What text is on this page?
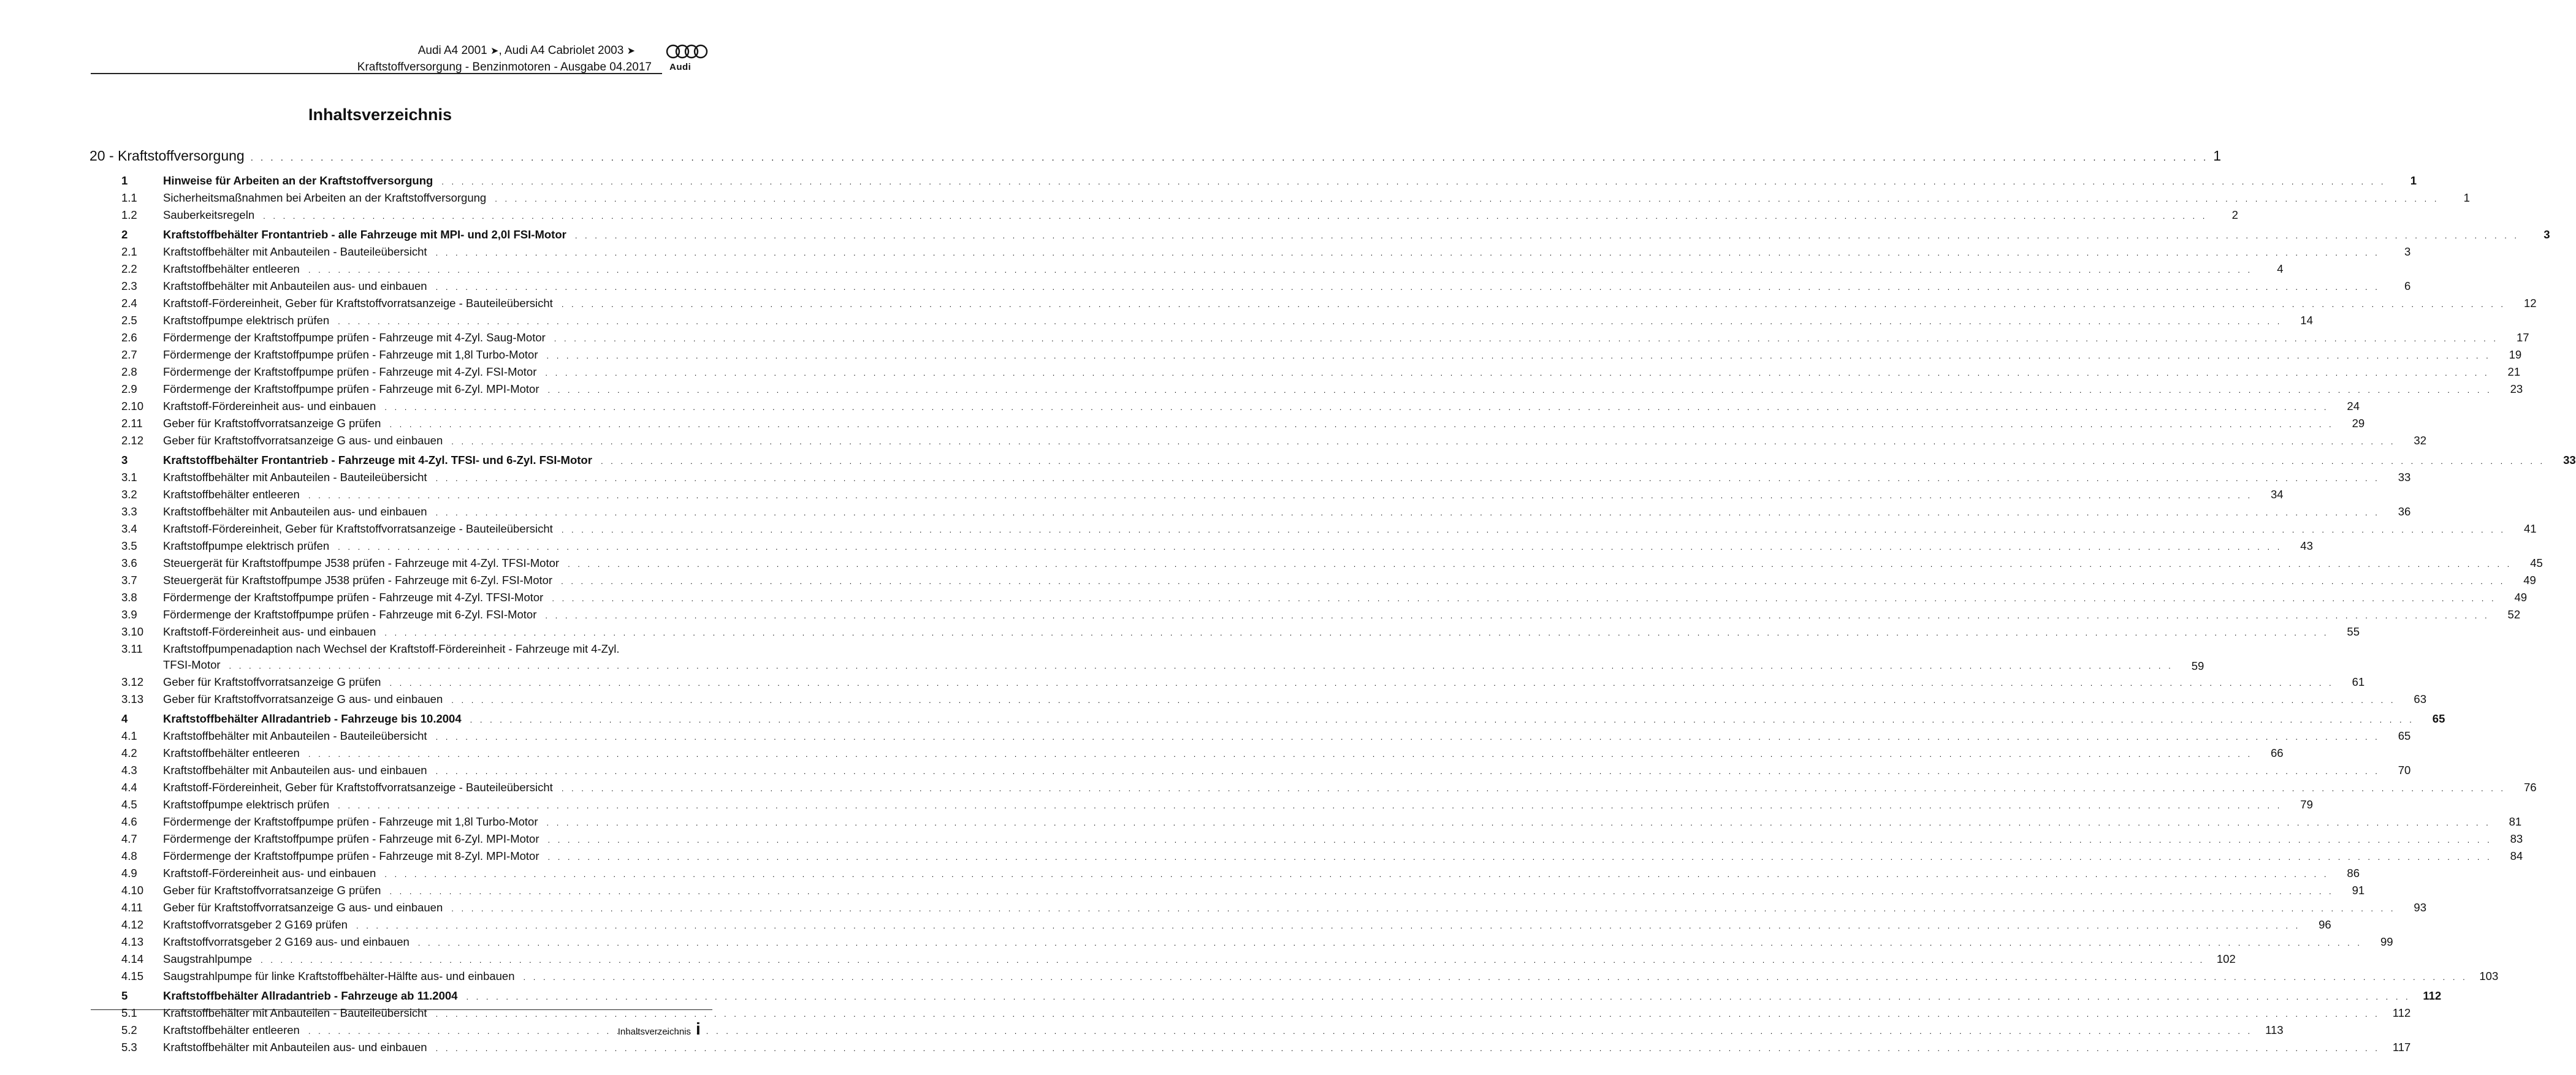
Audi A4 2001 ➤, Audi A4 Cabriolet 2003 ➤
Kraftstoffversorgung - Benzinmotoren - Ausgabe 04.2017 Audi
Inhaltsverzeichnis
20 - Kraftstoffversorgung . . .	1
1	Hinweise für Arbeiten an der Kraftstoffversorgung . . .	1
1.1	Sicherheitsmaßnahmen bei Arbeiten an der Kraftstoffversorgung . . .	1
1.2	Sauberkeitsregeln . . .	2
2	Kraftstoffbehälter Frontantrieb - alle Fahrzeuge mit MPI- und 2,0l FSI-Motor . . .	3
2.1	Kraftstoffbehälter mit Anbauteilen - Bauteileübersicht . . .	3
2.2	Kraftstoffbehälter entleeren . . .	4
2.3	Kraftstoffbehälter mit Anbauteilen aus- und einbauen . . .	6
2.4	Kraftstoff-Fördereinheit, Geber für Kraftstoffvorratsanzeige - Bauteileübersicht . . .	12
2.5	Kraftstoffpumpe elektrisch prüfen . . .	14
2.6	Fördermenge der Kraftstoffpumpe prüfen - Fahrzeuge mit 4-Zyl. Saug-Motor . . .	17
2.7	Fördermenge der Kraftstoffpumpe prüfen - Fahrzeuge mit 1,8l Turbo-Motor . . .	19
2.8	Fördermenge der Kraftstoffpumpe prüfen - Fahrzeuge mit 4-Zyl. FSI-Motor . . .	21
2.9	Fördermenge der Kraftstoffpumpe prüfen - Fahrzeuge mit 6-Zyl. MPI-Motor . . .	23
2.10	Kraftstoff-Fördereinheit aus- und einbauen . . .	24
2.11	Geber für Kraftstoffvorratsanzeige G prüfen . . .	29
2.12	Geber für Kraftstoffvorratsanzeige G aus- und einbauen . . .	32
3	Kraftstoffbehälter Frontantrieb - Fahrzeuge mit 4-Zyl. TFSI- und 6-Zyl. FSI-Motor . . .	33
3.1	Kraftstoffbehälter mit Anbauteilen - Bauteileübersicht . . .	33
3.2	Kraftstoffbehälter entleeren . . .	34
3.3	Kraftstoffbehälter mit Anbauteilen aus- und einbauen . . .	36
3.4	Kraftstoff-Fördereinheit, Geber für Kraftstoffvorratsanzeige - Bauteileübersicht . . .	41
3.5	Kraftstoffpumpe elektrisch prüfen . . .	43
3.6	Steuergerät für Kraftstoffpumpe J538 prüfen - Fahrzeuge mit 4-Zyl. TFSI-Motor . . .	45
3.7	Steuergerät für Kraftstoffpumpe J538 prüfen - Fahrzeuge mit 6-Zyl. FSI-Motor . . .	49
3.8	Fördermenge der Kraftstoffpumpe prüfen - Fahrzeuge mit 4-Zyl. TFSI-Motor . . .	49
3.9	Fördermenge der Kraftstoffpumpe prüfen - Fahrzeuge mit 6-Zyl. FSI-Motor . . .	52
3.10	Kraftstoff-Fördereinheit aus- und einbauen . . .	55
3.11	Kraftstoffpumpenadaption nach Wechsel der Kraftstoff-Fördereinheit - Fahrzeuge mit 4-Zyl.
TFSI-Motor . . .	59
3.12	Geber für Kraftstoffvorratsanzeige G prüfen . . .	61
3.13	Geber für Kraftstoffvorratsanzeige G aus- und einbauen . . .	63
4	Kraftstoffbehälter Allradantrieb - Fahrzeuge bis 10.2004 . . .	65
4.1	Kraftstoffbehälter mit Anbauteilen - Bauteileübersicht . . .	65
4.2	Kraftstoffbehälter entleeren . . .	66
4.3	Kraftstoffbehälter mit Anbauteilen aus- und einbauen . . .	70
4.4	Kraftstoff-Fördereinheit, Geber für Kraftstoffvorratsanzeige - Bauteileübersicht . . .	76
4.5	Kraftstoffpumpe elektrisch prüfen . . .	79
4.6	Fördermenge der Kraftstoffpumpe prüfen - Fahrzeuge mit 1,8l Turbo-Motor . . .	81
4.7	Fördermenge der Kraftstoffpumpe prüfen - Fahrzeuge mit 6-Zyl. MPI-Motor . . .	83
4.8	Fördermenge der Kraftstoffpumpe prüfen - Fahrzeuge mit 8-Zyl. MPI-Motor . . .	84
4.9	Kraftstoff-Fördereinheit aus- und einbauen . . .	86
4.10	Geber für Kraftstoffvorratsanzeige G prüfen . . .	91
4.11	Geber für Kraftstoffvorratsanzeige G aus- und einbauen . . .	93
4.12	Kraftstoffvorratsgeber 2 G169 prüfen . . .	96
4.13	Kraftstoffvorratsgeber 2 G169 aus- und einbauen . . .	99
4.14	Saugstrahlpumpe . . .	102
4.15	Saugstrahlpumpe für linke Kraftstoffbehälter-Hälfte aus- und einbauen . . .	103
5	Kraftstoffbehälter Allradantrieb - Fahrzeuge ab 11.2004 . . .	112
5.1	Kraftstoffbehälter mit Anbauteilen - Bauteileübersicht . . .	112
5.2	Kraftstoffbehälter entleeren . . .	113
5.3	Kraftstoffbehälter mit Anbauteilen aus- und einbauen . . .	117
Inhaltsverzeichnis i
